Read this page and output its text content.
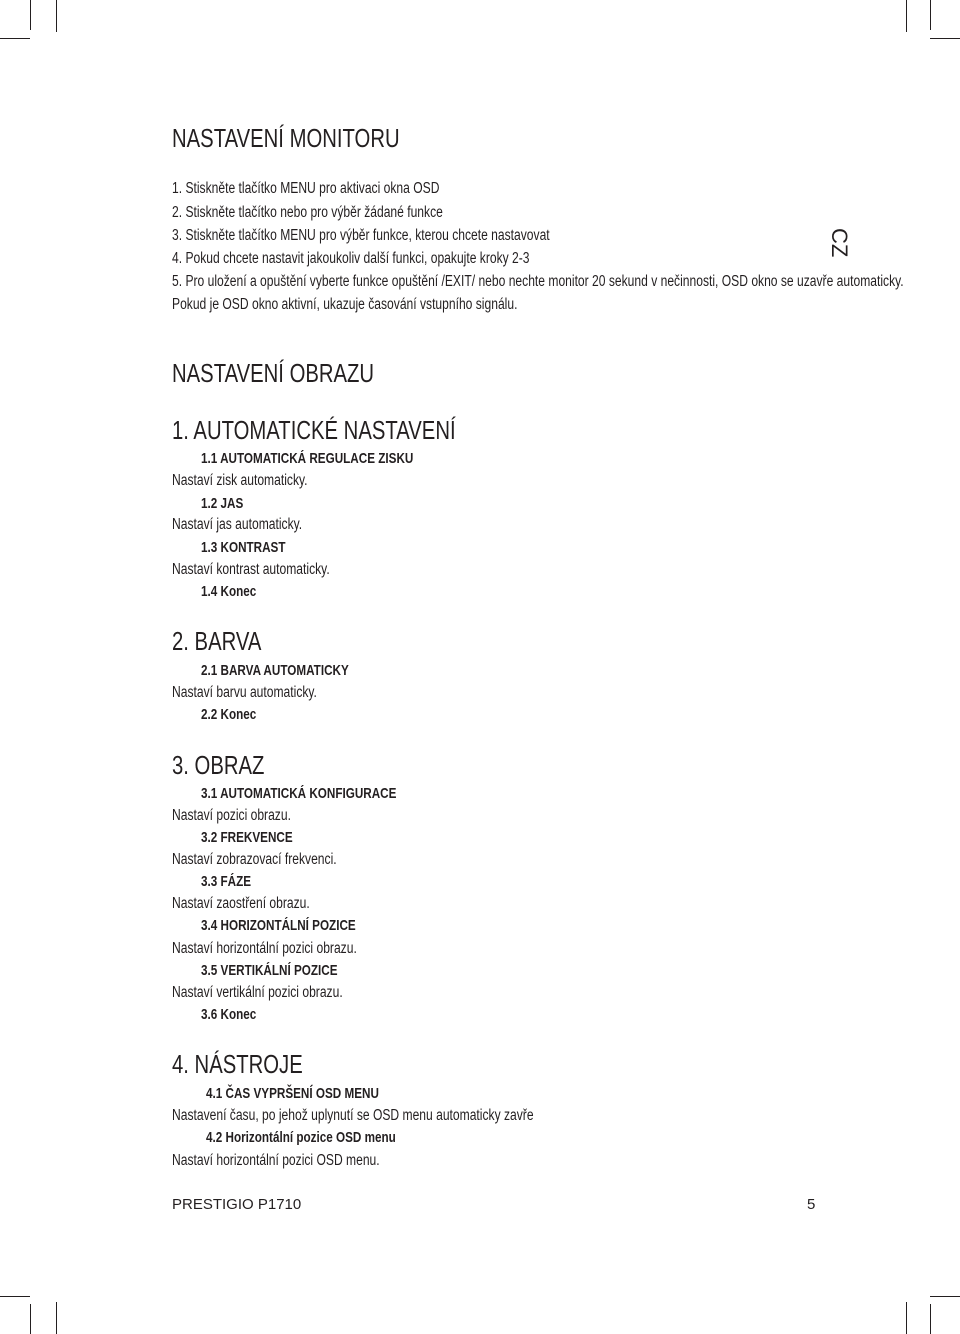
NASTAVENÍ MONITORU
1. Stiskněte tlačítko MENU pro aktivaci okna OSD
2. Stiskněte tlačítko nebo pro výběr žádané funkce
3. Stiskněte tlačítko MENU pro výběr funkce, kterou chcete nastavovat
4. Pokud chcete nastavit jakoukoliv další funkci, opakujte kroky 2-3
5. Pro uložení a opuštění vyberte funkce opuštění /EXIT/ nebo nechte monitor 20 sekund v nečinnosti, OSD okno se uzavře automaticky.
Pokud je OSD okno aktivní, ukazuje časování vstupního signálu.
CZ
NASTAVENÍ OBRAZU
1. AUTOMATICKÉ NASTAVENÍ
1.1 AUTOMATICKÁ REGULACE ZISKU
Nastaví zisk automaticky.
1.2 JAS
Nastaví jas automaticky.
1.3 KONTRAST
Nastaví kontrast automaticky.
1.4 Konec
2. BARVA
2.1 BARVA AUTOMATICKY
Nastaví barvu automaticky.
2.2 Konec
3. OBRAZ
3.1 AUTOMATICKÁ KONFIGURACE
Nastaví pozici obrazu.
3.2 FREKVENCE
Nastaví zobrazovací frekvenci.
3.3 FÁZE
Nastaví zaostření obrazu.
3.4 HORIZONTÁLNÍ POZICE
Nastaví horizontální pozici obrazu.
3.5 VERTIKÁLNÍ POZICE
Nastaví vertikální pozici obrazu.
3.6 Konec
4. NÁSTROJE
4.1 ČAS VYPRŠENÍ OSD MENU
Nastavení času, po jehož uplynutí se OSD menu automaticky zavře
4.2 Horizontální pozice OSD menu
Nastaví horizontální pozici OSD menu.
PRESTIGIO P1710	5
